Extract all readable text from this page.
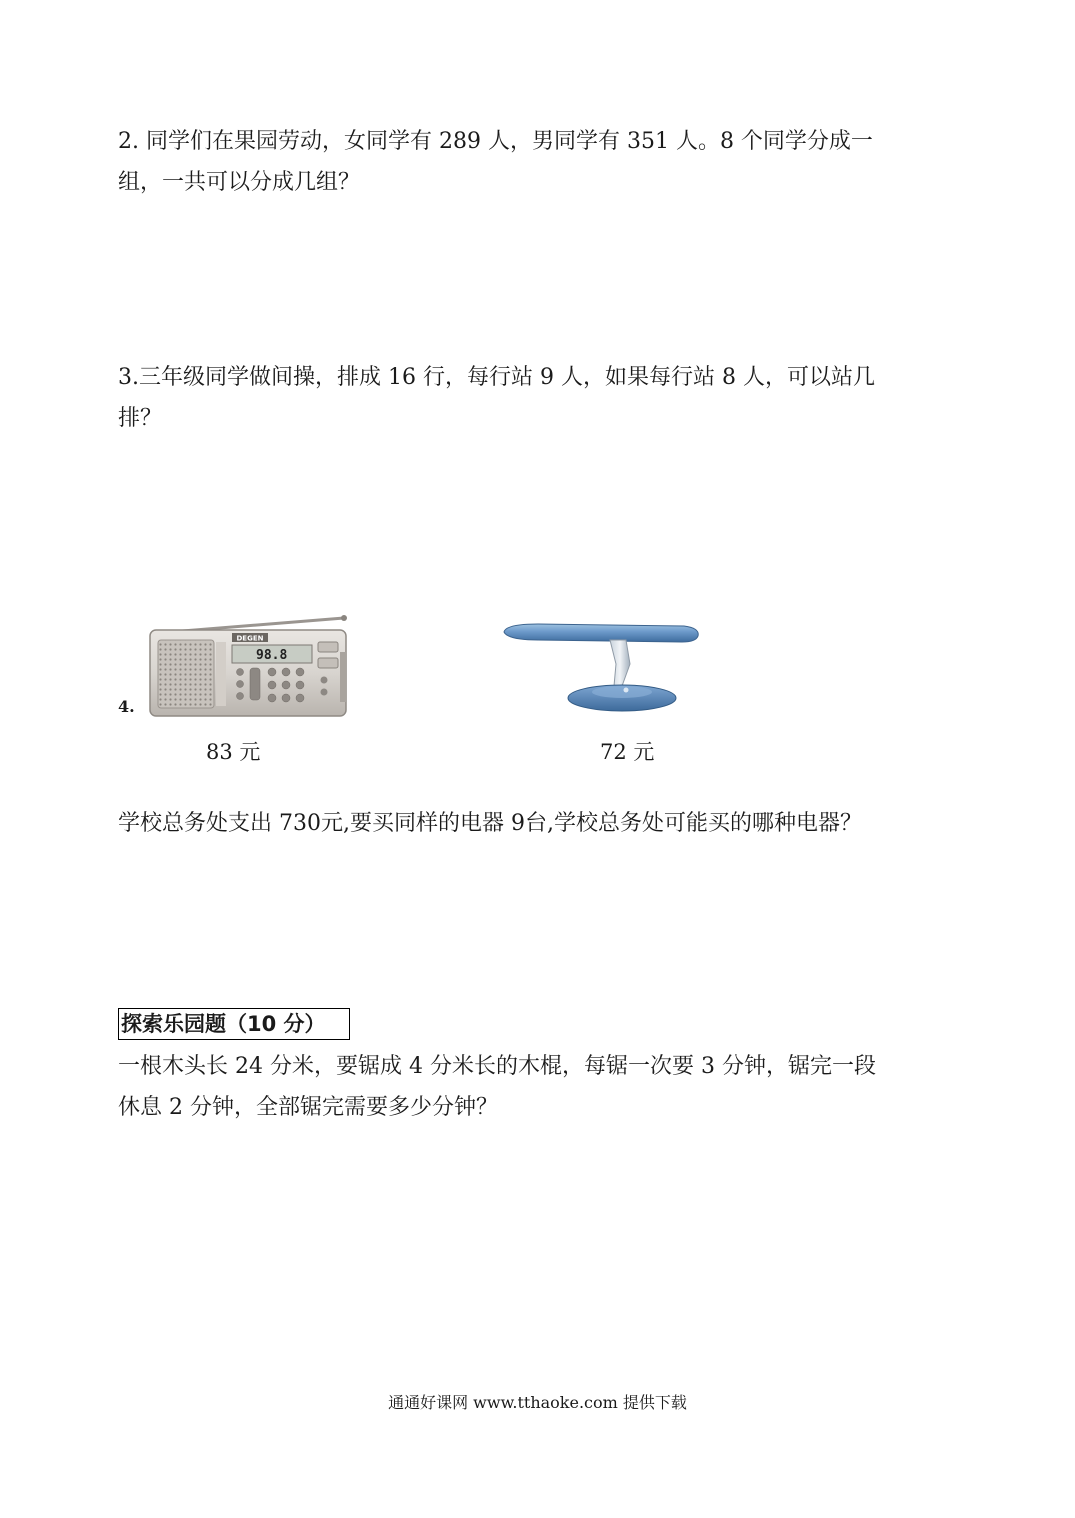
2. 同学们在果园劳动，女同学有 289 人，男同学有 351 人。8 个同学分成一
组，一共可以分成几组？
3.三年级同学做间操，排成 16 行，每行站 9 人，如果每行站 8 人，可以站几
排？
4.
DEGEN
98.8
83 元	72 元
学校总务处支出 730元,要买同样的电器 9台,学校总务处可能买的哪种电器？
探索乐园题（10 分）
一根木头长 24 分米，要锯成 4 分米长的木棍，每锯一次要 3 分钟，锯完一段
休息 2 分钟，全部锯完需要多少分钟？
通通好课网 www.tthaoke.com 提供下载
